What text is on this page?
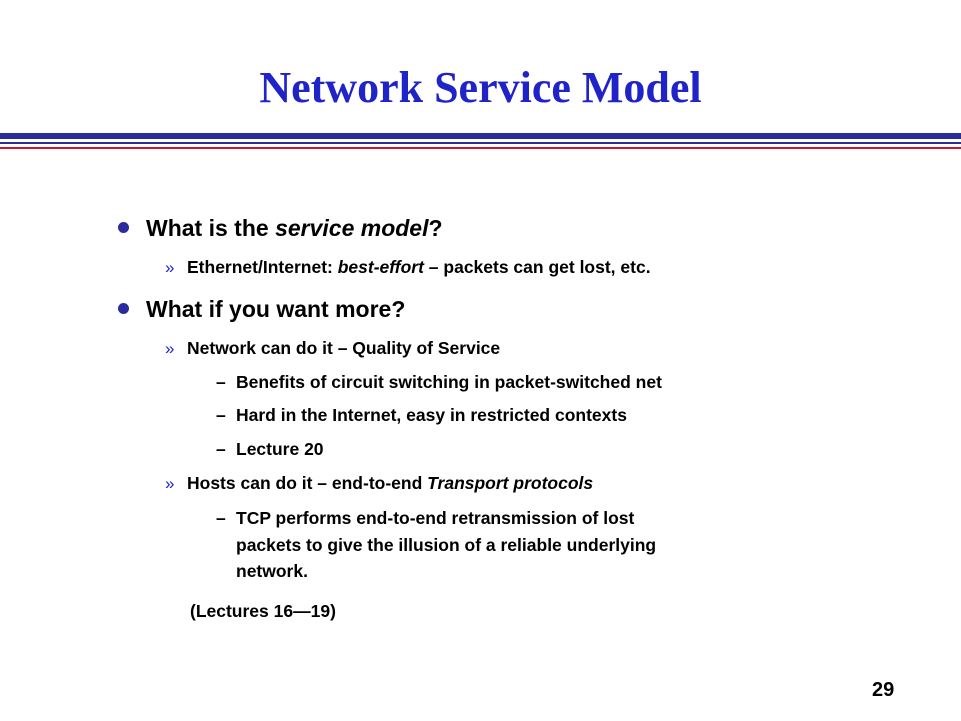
Network Service Model
What is the service model?
» Ethernet/Internet: best-effort – packets can get lost, etc.
What if you want more?
» Network can do it – Quality of Service
– Benefits of circuit switching in packet-switched net
– Hard in the Internet, easy in restricted contexts
– Lecture 20
» Hosts can do it – end-to-end Transport protocols
– TCP performs end-to-end retransmission of lost
packets to give the illusion of a reliable underlying
network.
(Lectures 16—19)
29
